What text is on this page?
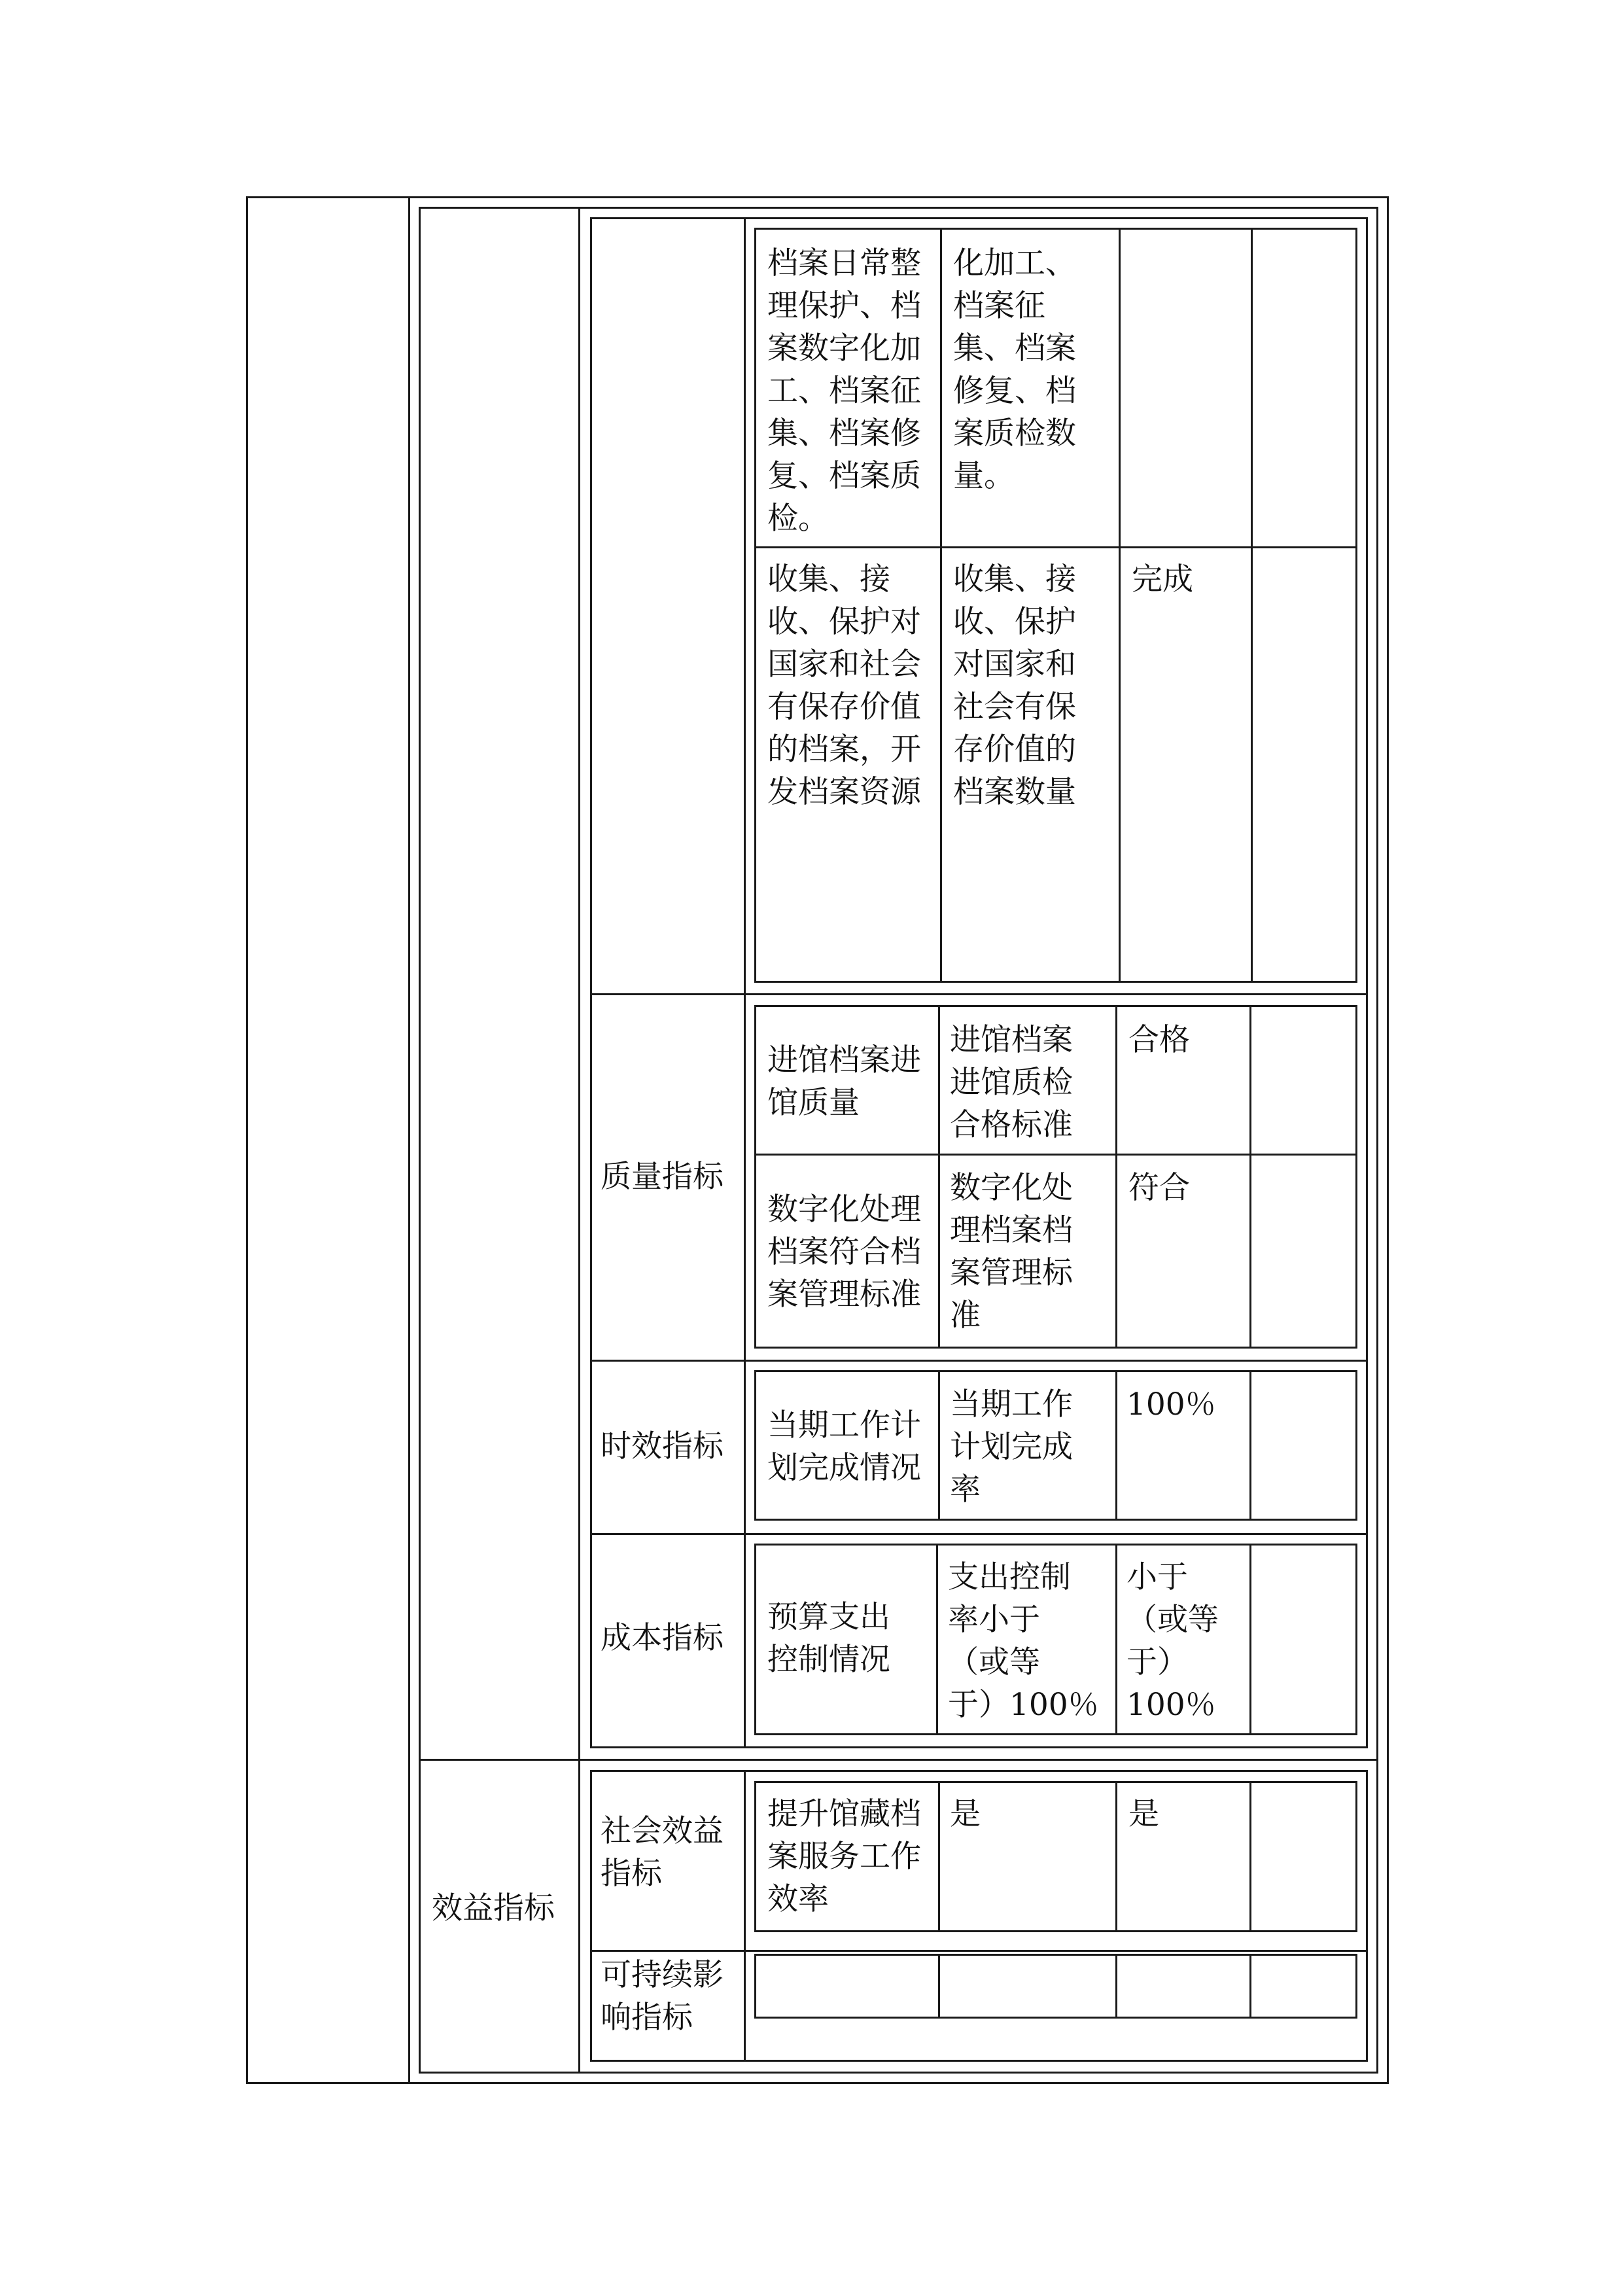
档案日常整
理保护、档
案数字化加
工、档案征
集、档案修
复、档案质
检。

化加工、
档案征
集、档案
修复、档
案质检数
量。

收集、接
收、保护对
国家和社会
有保存价值
的档案，开
发档案资源

收集、接
收、保护
对国家和
社会有保
存价值的
档案数量

完成

质量指标

进馆档案进
馆质量

进馆档案
进馆质检
合格标准

合格

数字化处理
档案符合档
案管理标准

数字化处
理档案档
案管理标
准

符合

时效指标

当期工作计
划完成情况

当期工作
计划完成
率

100％

成本指标

预算支出
控制情况

支出控制
率小于
（或等
于）100％

小于
（或等
于）
100％

效益指标

社会效益
指标

提升馆藏档
案服务工作
效率

是	是

可持续影
响指标
